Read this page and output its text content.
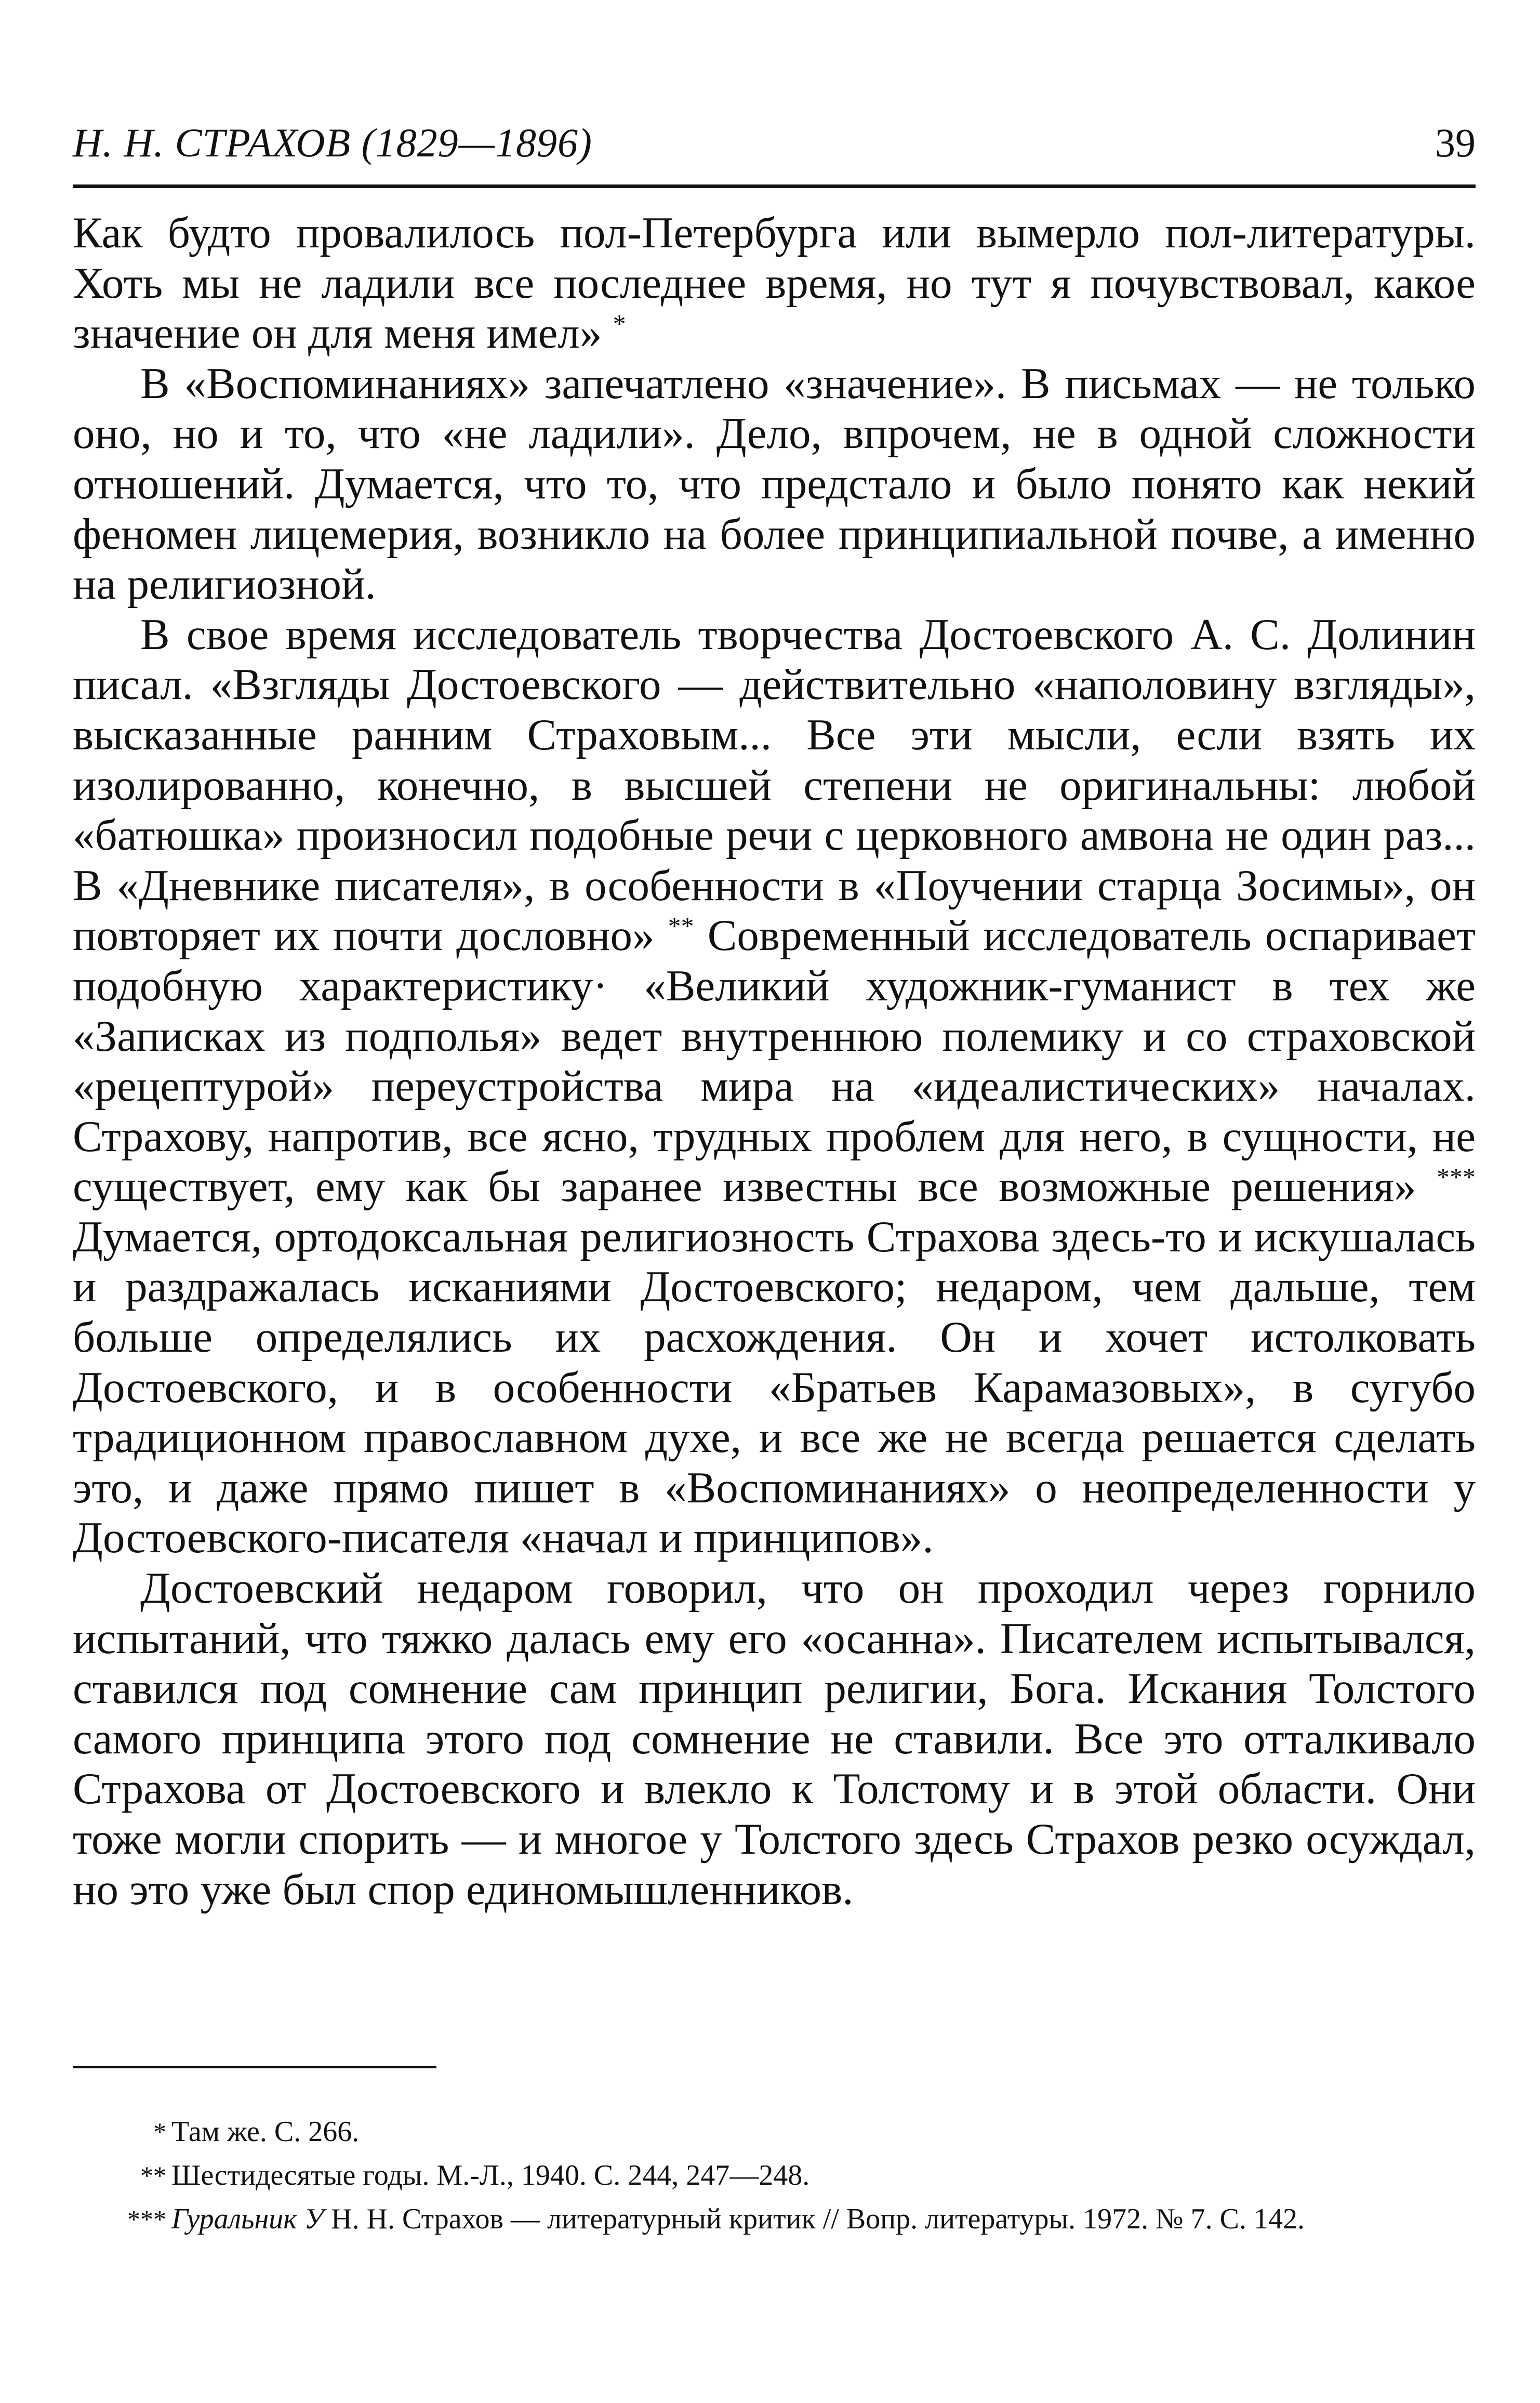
Н. Н. СТРАХОВ (1829—1896)	39

Как будто провалилось пол-Петербурга или вымерло пол-литературы. Хоть мы не ладили все последнее время, но тут я почувствовал, какое значение он для меня имел» *

В «Воспоминаниях» запечатлено «значение». В письмах — не только оно, но и то, что «не ладили». Дело, впрочем, не в одной сложности отношений. Думается, что то, что предстало и было понято как некий феномен лицемерия, возникло на более принципиальной почве, а именно на религиозной.

В свое время исследователь творчества Достоевского А. С. Долинин писал. «Взгляды Достоевского — действительно «наполовину взгляды», высказанные ранним Страховым... Все эти мысли, если взять их изолированно, конечно, в высшей степени не оригинальны: любой «батюшка» произносил подобные речи с церковного амвона не один раз... В «Дневнике писателя», в особенности в «Поучении старца Зосимы», он повторяет их почти дословно» ** Современный исследователь оспаривает подобную характеристику· «Великий художник-гуманист в тех же «Записках из подполья» ведет внутреннюю полемику и со страховской «рецептурой» переустройства мира на «идеалистических» началах. Страхову, напротив, все ясно, трудных проблем для него, в сущности, не существует, ему как бы заранее известны все возможные решения» *** Думается, ортодоксальная религиозность Страхова здесь-то и искушалась и раздражалась исканиями Достоевского; недаром, чем дальше, тем больше определялись их расхождения. Он и хочет истолковать Достоевского, и в особенности «Братьев Карамазовых», в сугубо традиционном православном духе, и все же не всегда решается сделать это, и даже прямо пишет в «Воспоминаниях» о неопределенности у Достоевского-писателя «начал и принципов».

Достоевский недаром говорил, что он проходил через горнило испытаний, что тяжко далась ему его «осанна». Писателем испытывался, ставился под сомнение сам принцип религии, Бога. Искания Толстого самого принципа этого под сомнение не ставили. Все это отталкивало Страхова от Достоевского и влекло к Толстому и в этой области. Они тоже могли спорить — и многое у Толстого здесь Страхов резко осуждал, но это уже был спор единомышленников.

* Там же. С. 266.

** Шестидесятые годы. М.-Л., 1940. С. 244, 247—248.

*** Гуральник У Н. Н. Страхов — литературный критик // Вопр. литературы. 1972. № 7. С. 142.
